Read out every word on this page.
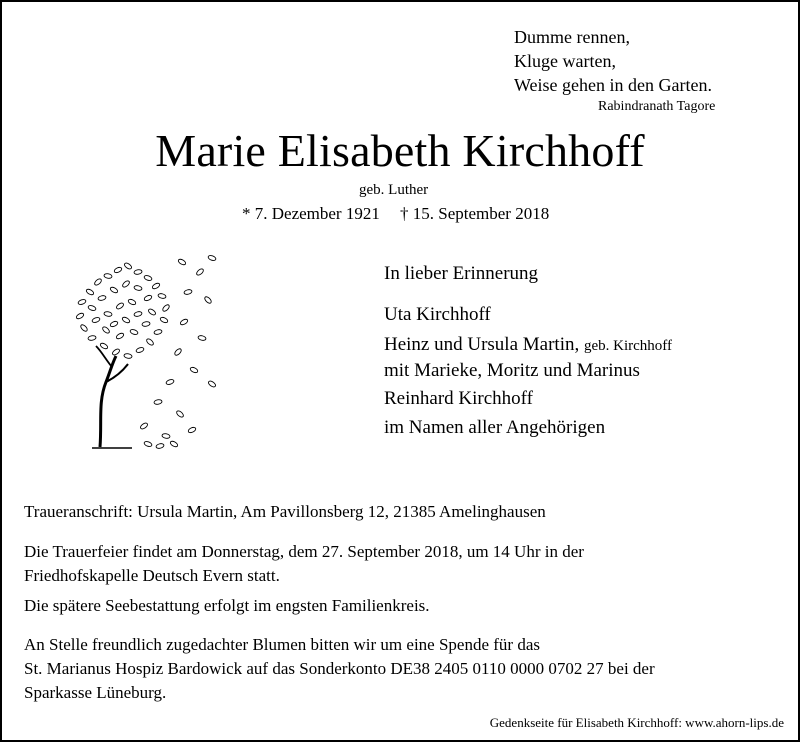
Dumme rennen,
Kluge warten,
Weise gehen in den Garten.
Rabindranath Tagore
Marie Elisabeth Kirchhoff
geb. Luther
* 7. Dezember 1921 † 15. September 2018
In lieber Erinnerung
Uta Kirchhoff
Heinz und Ursula Martin, geb. Kirchhoff
mit Marieke, Moritz und Marinus
Reinhard Kirchhoff
im Namen aller Angehörigen
Traueranschrift: Ursula Martin, Am Pavillonsberg 12, 21385 Amelinghausen
Die Trauerfeier findet am Donnerstag, dem 27. September 2018, um 14 Uhr in der
Friedhofskapelle Deutsch Evern statt.
Die spätere Seebestattung erfolgt im engsten Familienkreis.
An Stelle freundlich zugedachter Blumen bitten wir um eine Spende für das
St. Marianus Hospiz Bardowick auf das Sonderkonto DE38 2405 0110 0000 0702 27 bei der
Sparkasse Lüneburg.
Gedenkseite für Elisabeth Kirchhoff: www.ahorn-lips.de
